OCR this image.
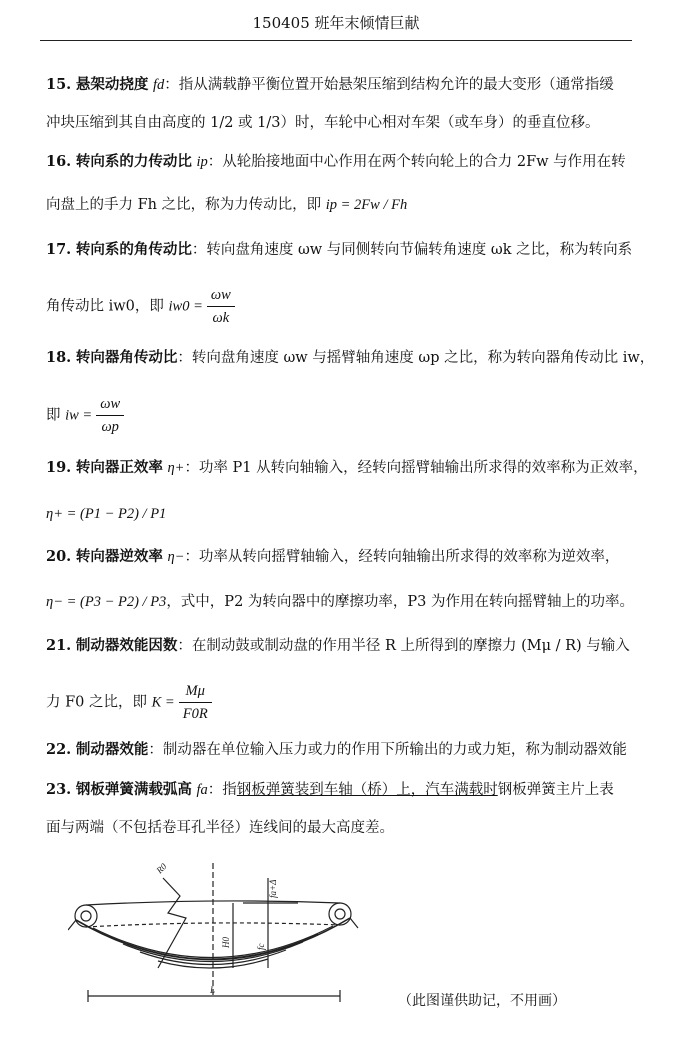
150405 班年末倾情巨献
15. 悬架动挠度 fd：指从满载静平衡位置开始悬架压缩到结构允许的最大变形（通常指缓
冲块压缩到其自由高度的 1/2 或 1/3）时，车轮中心相对车架（或车身）的垂直位移。
16. 转向系的力传动比 ip：从轮胎接地面中心作用在两个转向轮上的合力 2Fw 与作用在转
向盘上的手力 Fh 之比，称为力传动比，即 ip = 2Fw / Fh
17. 转向系的角传动比：转向盘角速度 ωw 与同侧转向节偏转角速度 ωk 之比，称为转向系
角传动比 iw0，即 $iw0 = \frac{\omega w}{\omega k}$
18. 转向器角传动比：转向盘角速度 ωw 与摇臂轴角速度 ωp 之比，称为转向器角传动比 iw，
即 iw = $\frac{\omega w}{\omega p}$
19. 转向器正效率 η+：功率 P1 从转向轴输入，经转向摇臂轴输出所求得的效率称为正效率，
η+ = (P1 − P2) / P1
20. 转向器逆效率 η−：功率从转向摇臂轴输入，经转向轴输出所求得的效率称为逆效率，
η− = (P3 − P2) / P3，式中，P2 为转向器中的摩擦功率，P3 为作用在转向摇臂轴上的功率。
21. 制动器效能因数：在制动鼓或制动盘的作用半径 R 上所得到的摩擦力 (Mμ / R) 与输入
力 F0 之比，即 $K = \frac{M\mu}{F0R}$
22. 制动器效能：制动器在单位输入压力或力的作用下所输出的力或力矩，称为制动器效能
23. 钢板弹簧满载弧高 fa：指钢板弹簧装到车轴（桥）上，汽车满载时钢板弹簧主片上表
面与两端（不包括卷耳孔半径）连线间的最大高度差。
R0
fa+Δ
H0	fc
L
（此图谨供助记，不用画）
